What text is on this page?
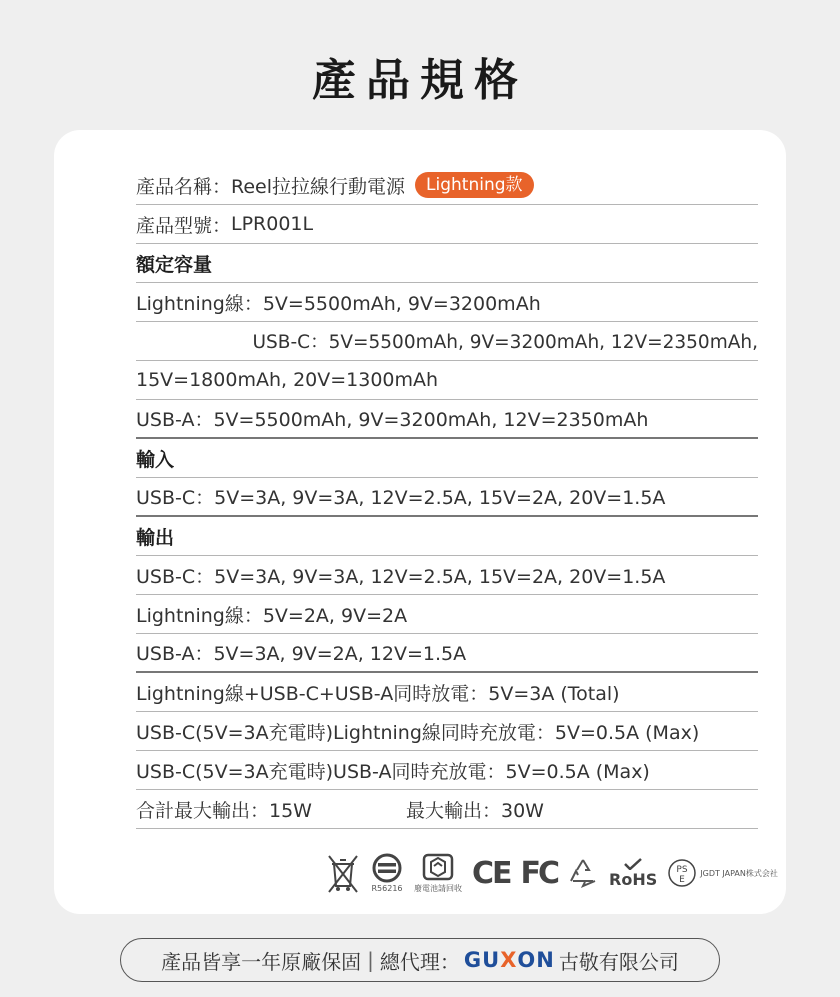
產品規格
產品名稱： Reel拉拉線行動電源	Lightning款
產品型號： LPR001L
額定容量
Lightning線：5V=5500mAh, 9V=3200mAh
USB-C：5V=5500mAh, 9V=3200mAh, 12V=2350mAh,
15V=1800mAh, 20V=1300mAh
USB-A：5V=5500mAh, 9V=3200mAh, 12V=2350mAh
輸入
USB-C：5V=3A, 9V=3A, 12V=2.5A, 15V=2A, 20V=1.5A
輸出
USB-C：5V=3A, 9V=3A, 12V=2.5A, 15V=2A, 20V=1.5A
Lightning線：5V=2A, 9V=2A
USB-A：5V=3A, 9V=2A, 12V=1.5A
Lightning線+USB-C+USB-A同時放電：5V=3A (Total)
USB-C(5V=3A充電時)Lightning線同時充放電：5V=0.5A (Max)
USB-C(5V=3A充電時)USB-A同時充放電：5V=0.5A (Max)
合計最大輸出：15W	最大輸出：30W
R56216 廢電池請回收 CE FC	RoHS PS
E
JGDT JAPAN株式会社
產品皆享一年原廠保固 | 總代理： GU X ON 古敬有限公司
